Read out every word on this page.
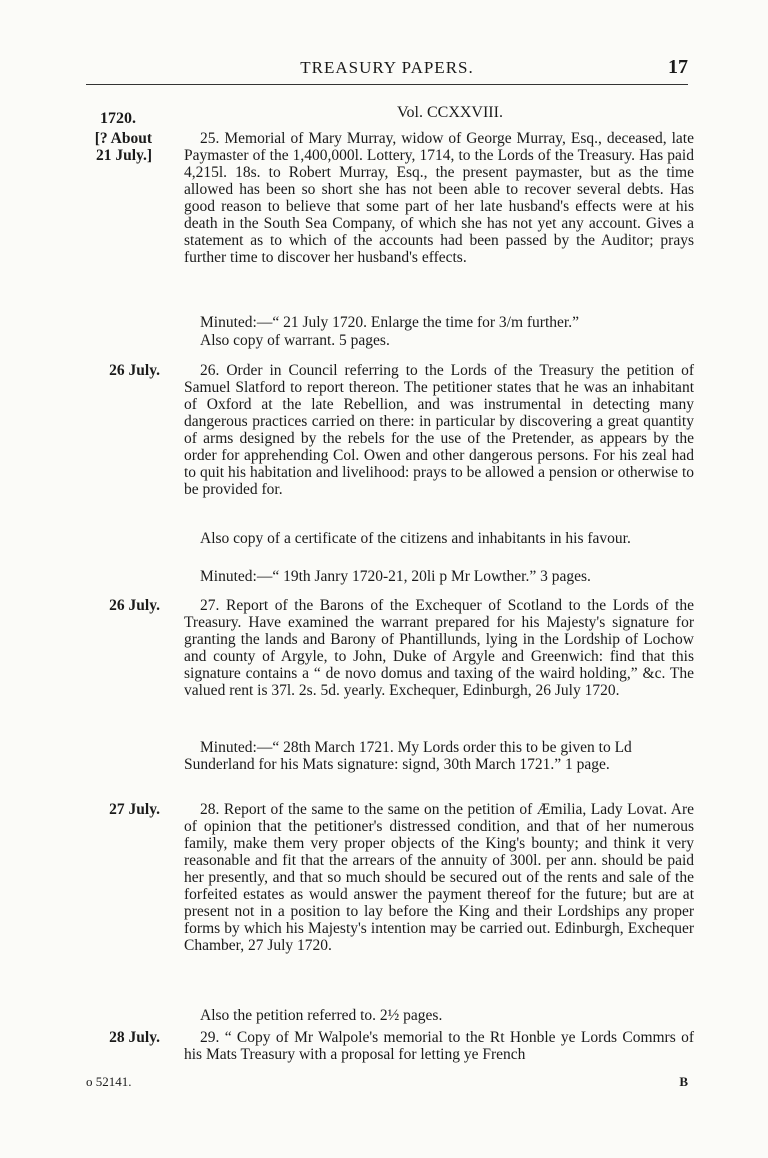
TREASURY PAPERS.	17
1720.	Vol. CCXXVIII.
[? About 21 July.]

25. Memorial of Mary Murray, widow of George Murray, Esq., deceased, late Paymaster of the 1,400,000l. Lottery, 1714, to the Lords of the Treasury. Has paid 4,215l. 18s. to Robert Murray, Esq., the present paymaster, but as the time allowed has been so short she has not been able to recover several debts. Has good reason to believe that some part of her late husband's effects were at his death in the South Sea Company, of which she has not yet any account. Gives a statement as to which of the accounts had been passed by the Auditor; prays further time to discover her husband's effects.

Minuted:—“ 21 July 1720. Enlarge the time for 3/m further.”

Also copy of warrant. 5 pages.

26 July.	26. Order in Council referring to the Lords of the Treasury the petition of Samuel Slatford to report thereon. The petitioner states that he was an inhabitant of Oxford at the late Rebellion, and was instrumental in detecting many dangerous practices carried on there: in particular by discovering a great quantity of arms designed by the rebels for the use of the Pretender, as appears by the order for apprehending Col. Owen and other dangerous persons. For his zeal had to quit his habitation and livelihood: prays to be allowed a pension or otherwise to be provided for.

Also copy of a certificate of the citizens and inhabitants in his favour.

Minuted:—“ 19th Janry 1720-21, 20li p Mr Lowther.” 3 pages.

26 July.	27. Report of the Barons of the Exchequer of Scotland to the Lords of the Treasury. Have examined the warrant prepared for his Majesty's signature for granting the lands and Barony of Phantillunds, lying in the Lordship of Lochow and county of Argyle, to John, Duke of Argyle and Greenwich: find that this signature contains a “ de novo domus and taxing of the waird holding,” &c. The valued rent is 37l. 2s. 5d. yearly. Exchequer, Edinburgh, 26 July 1720.

Minuted:—“ 28th March 1721. My Lords order this to be given to Ld Sunderland for his Mats signature: signd, 30th March 1721.” 1 page.

27 July.	28. Report of the same to the same on the petition of Æmilia, Lady Lovat. Are of opinion that the petitioner's distressed condition, and that of her numerous family, make them very proper objects of the King's bounty; and think it very reasonable and fit that the arrears of the annuity of 300l. per ann. should be paid her presently, and that so much should be secured out of the rents and sale of the forfeited estates as would answer the payment thereof for the future; but are at present not in a position to lay before the King and their Lordships any proper forms by which his Majesty's intention may be carried out. Edinburgh, Exchequer Chamber, 27 July 1720.

Also the petition referred to. 2½ pages.

28 July.	29. “ Copy of Mr Walpole's memorial to the Rt Honble ye Lords Commrs of his Mats Treasury with a proposal for letting ye French

o 52141.	B
